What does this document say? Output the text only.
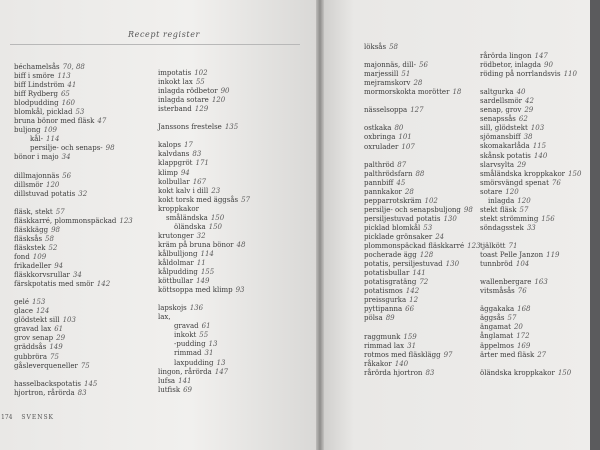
Recept register
béchamelsås 70, 88
biff i smöre 113
biff Lindström 41
biff Rydberg 65
blodpudding 160
blomkål, picklad 53
bruna bönor med fläsk 47
buljong 109
kål- 114
persilje- och senaps- 98
bönor i majo 34
dillmajonnäs 56
dillsmör 120
dillstuvad potatis 32
fläsk, stekt 57
fläskkarré, plommonspäckad 123
fläskkägg 98
fläsksås 58
fläskstek 52
fond 109
frikadeller 94
fläskkorvsrullar 34
färskpotatis med smör 142
gelé 153
glace 124
glödstekt sill 103
gravad lax 61
grov senap 29
gräddsås 149
gubbröra 75
gåsleverqueneller 75
hasselbackspotatis 145
hjortron, rårörda 83
impotatis 102
inkokt lax 55
inlagda rödbetor 90
inlagda sotare 120
isterband 129
Janssons frestelse 135
kalops 17
kalvdans 83
klappgröt 171
klimp 94
kolbullar 167
kokt kalv i dill 23
kokt torsk med äggsås 57
kroppkakor
småländska 150
öländska 150
krutonger 32
kräm på bruna bönor 48
kålbulljong 114
kåldolmar 11
kålpudding 155
köttbullar 149
köttsoppa med klimp 93
lapskojs 136
lax,
gravad 61
inkokt 55
-pudding 13
rimmad 31
laxpudding 13
lingon, rårörda 147
lufsa 141
lutfisk 69
löksås 58
majonnäs, dill- 56
marjessill 51
mejramskorv 28
mormorskokta morötter 18
nässelsoppa 127
ostkaka 80
oxbringa 101
oxrulader 107
palthröd 87
palthrödsfarn 88
pannbiff 45
pannkakor 28
pepparrotskräm 102
persilje- och senapsbuljong 98
persiljestuvad potatis 130
picklad blomkål 53
picklade grönsaker 24
plommonspäckad fläskkarré 123
pocherade ägg 128
potatis, persiljestuvad 130
potatisbullar 141
potatisgratäng 72
potatismos 142
preissgurka 12
pyttipanna 66
pölsa 89
raggmunk 159
rimmad lax 31
rotmos med fläsklägg 97
råkakor 140
rårörda hjortron 83
rårörda lingon 147
rödbetor, inlagda 90
röding på norrlandsvis 110
saltgurka 40
sardellsmör 42
senap, grov 29
senapssås 62
sill, glödstekt 103
sjömansbiff 38
skomakarlåda 115
skånsk potatis 140
slarvsylta 29
småländska kroppkakor 150
smörsvängd spenat 76
sotare 120
inlagda 120
stekt fläsk 57
stekt strömming 156
söndagsstek 33
tjälkött 71
toast Pelle Janzon 119
tunnbröd 104
wallenbergare 163
vitsmåsås 76
äggakaka 168
äggsås 57
ängamat 20
ånglamat 172
äppelmos 169
ärter med fläsk 27
öländska kroppkakor 150
174 SVENSK
